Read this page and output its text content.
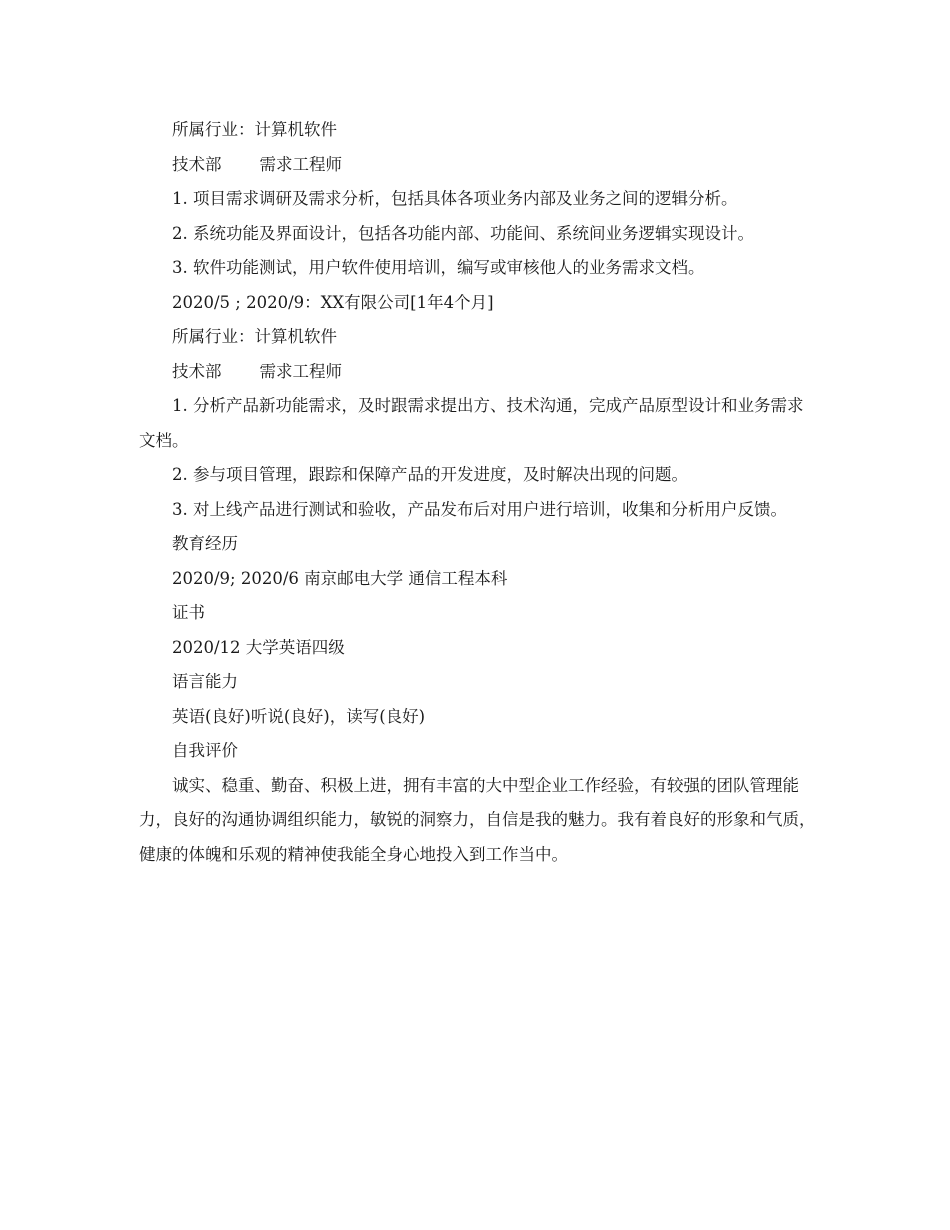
所属行业：计算机软件

技术部 需求工程师

1. 项目需求调研及需求分析，包括具体各项业务内部及业务之间的逻辑分析。

2. 系统功能及界面设计，包括各功能内部、功能间、系统间业务逻辑实现设计。

3. 软件功能测试，用户软件使用培训，编写或审核他人的业务需求文档。

2020/5 ; 2020/9：XX有限公司[1年4个月]

所属行业：计算机软件

技术部 需求工程师

1. 分析产品新功能需求，及时跟需求提出方、技术沟通，完成产品原型设计和业务需求文档。

2. 参与项目管理，跟踪和保障产品的开发进度，及时解决出现的问题。

3. 对上线产品进行测试和验收，产品发布后对用户进行培训，收集和分析用户反馈。

教育经历

2020/9; 2020/6 南京邮电大学 通信工程本科

证书

2020/12 大学英语四级

语言能力

英语(良好)听说(良好)，读写(良好)

自我评价

诚实、稳重、勤奋、积极上进，拥有丰富的大中型企业工作经验，有较强的团队管理能力，良好的沟通协调组织能力，敏锐的洞察力，自信是我的魅力。我有着良好的形象和气质，健康的体魄和乐观的精神使我能全身心地投入到工作当中。
